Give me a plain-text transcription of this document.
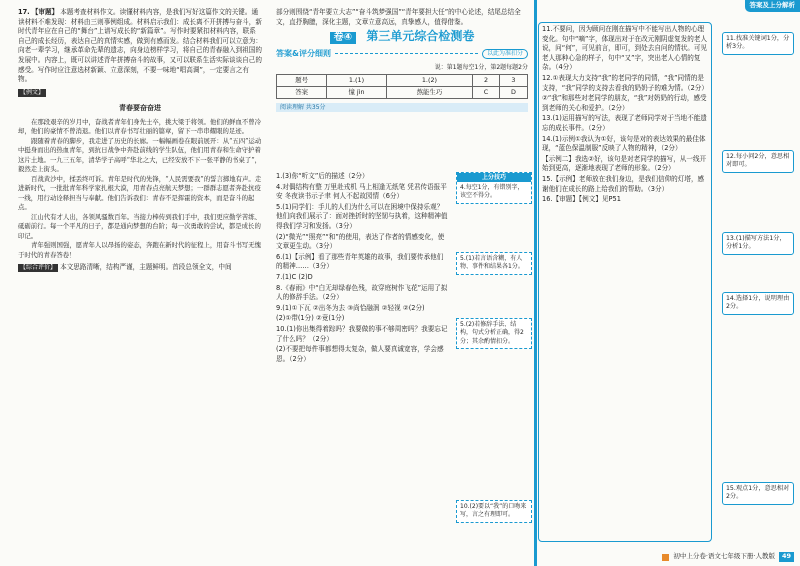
17. 【审题】 本题考查材料作文。读懂材料内容，是我们写好这篇作文的关键。通读材料不难发现：材料由三则事例组成。材料启示我们：成长离不开拼搏与奋斗，新时代青年应在自己的“舞台”上谱写成长的“新篇章”。写作时要紧扣材料内容，联系自己的成长经历，表达自己的真情实感，做到有感而发。结合材料我们可以立意为：向老一辈学习，继承革命先辈的遗志，向身边榜样学习，将自己的青春融入到祖国的发展中。内容上，既可以讲述青年拼搏奋斗的故事，又可以联系生活实际谈谈自己的感受。写作时应注意选材新颖、立意深刻，不要一味地“唱高调”，一定要言之有物。

【例文】

青春要奋奋进

在那段艰辛的岁月中，奋战者青年们身先士卒，挑大梁于将领。他们的鲜血不曾冷却，他们的豪情不曾消退。他们以青春书写壮丽的篇章，留下一串串耀眼的足迹。

跟随着青春的脚步，我走进了历史的长廊。一幅幅画卷在眼前展开：从“五四”运动中挺身而出的热血青年，到抗日战争中奔赴前线的学生队伍，他们用青春和生命守护着这片土地。一九三五年，清华学子高呼“华北之大，已经安放不下一张平静的书桌了”，毅然走上街头。

百战黄沙中，揉丢终可诉。青年是时代的先锋，“人民需要我”的誓言掷地有声。走进新时代，一批批青年科学家扎根大漠，用青春点亮航天梦想；一群群志愿者奔赴抗疫一线，用行动诠释担当与奉献。他们告诉我们：青春不是挥霍的资本，而是奋斗的起点。

江山代有才人出，各领风骚数百年。当接力棒传到我们手中，我们更应勤学苦练、砥砺前行。每一个平凡的日子，都是通向梦想的台阶；每一次勇敢的尝试，都是成长的印记。

青年强则国强，愿青年人以昂扬的姿态，奔跑在新时代的征程上，用奋斗书写无愧于时代的青春答卷！

【综合评价】 本文思路清晰，结构严谨，主题鲜明。首段总领全文，中间

部分则围绕“青年要立大志”“奋斗筑梦强国”“青年要担大任”的中心论述，结尾总结全文，直抒胸臆，深化主题，文章立意高远，真挚感人，值得借鉴。

卷④ 第三单元综合检测卷
答案&评分细则	以此为准扣分
说：第1题每空1分，第2题每题2分
题号	1.(1)	1.(2)	2	3
答案	憧 jìn	熬能生巧	C	D
阅读理解 共35分

1.(3)你“听文”后的描述（2分）

4.对偶结构有整 万里赴戎机 马上相逢无纸笔 凭君传语报平安 冬夜读书示子聿 何人不起故园情（6分）

5.(1)同学们：手儿的人们为什么可以在困境中保持乐观？他们向我们展示了：面对挫折时的坚韧与执着，这种精神值得我们学习和发扬。（3分）

(2)“微光”“照亮”“和”的使用，表达了作者的情感变化，使文章更生动。（3分）

6.(1)【示例】看了那些青年英雄的故事，我们要传承他们的精神……（3分）

7.(1)C (2)D

8.《春雨》中“白无却绿春色残，故穿庭树作飞花”运用了拟人的修辞手法。（2分）

9.(1)①下瓦 ②出冬为去 ③尚恰融润 ②轻视 ②(2分)

(2)①带(1分) ②竟(1分)

10.(1)你出集得着踪吗？我要做的事不够周密吗？我要忘记了什么吗？（2分）

(2)不要把每件事都想得太复杂，做人要真诚宽容，学会感恩。（2分）

上分技巧
4.每空1分，有错别字，该空不得分。
5.(1)若言语含糊，有人物、事件和结果各1分。
5.(2)若修辞手法、结构，句式分析正确，得2分；其余酌情扣分。
10.(2)要以“我”的口吻来写，言之有理即可。
答案及上分解析

11.不要问，因为顾问在刚在描写中不能写出人物的心理变化。句中“嘀”字，体现出对于在改元刚阴虚复发的老人说，问“何”，可见前言，即可，到处去自问的情状。可见老人那种心急的样子，句中“又”字，突出老人心情的复杂。（4分）

12.①表现大力支持“我”的老同学的同情，“我”同情的是支持，“我”同学的支持去看我的奶奶子的难为情。（2分）

②“我”和那些对老同学的朋友，“我”对奶奶的行动，感受到老师的关心和爱护。（2分）

13.(1)运用描写的写法，表现了老师同学对于当地不能遗忘的成长事件。（2分）

14.(1)示例①我认为①好，该句是对的表达效果的最佳体现，“蓝色保温制服”反映了人物的精神，（2分）

【示例二】我选②好，该句是对老同学的描写，从一线开始到更高，逐渐地表现了老师的形象。（2分）

15.【示例】老师放在我们身边，是我们信仰的灯塔，感谢他们在成长的路上给我们的帮助。（3分）

16.【审题】【例文】见P51

11.找准关键词1分，分析3分。
12.每小问2分，意思相对即可。
13.(1)描写方法1分，分析1分。
14.选择1分，说明理由2分。
15.观点1分，意思相对2分。
初中上分卷·语文七年级下册·人教版	49
